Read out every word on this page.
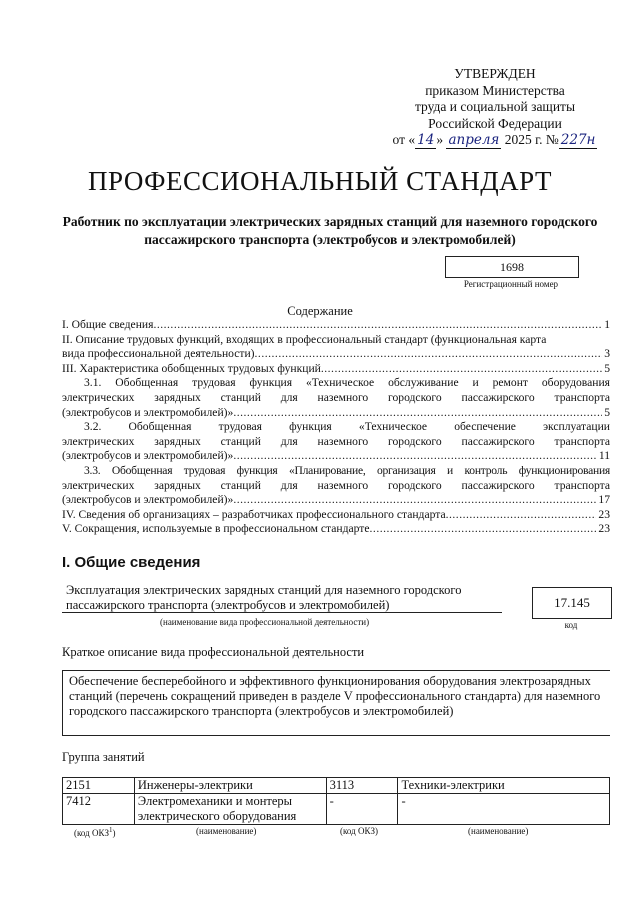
УТВЕРЖДЕН
приказом Министерства
труда и социальной защиты
Российской Федерации
от « 14 » апреля 2025 г. № 227н
ПРОФЕССИОНАЛЬНЫЙ СТАНДАРТ
Работник по эксплуатации электрических зарядных станций для наземного городского пассажирского транспорта (электробусов и электромобилей)
1698
Регистрационный номер
Содержание
I. Общие сведения .....	1
II. Описание трудовых функций, входящих в профессиональный стандарт (функциональная карта
вида профессиональной деятельности) .....	3
III. Характеристика обобщенных трудовых функций .....	5
3.1. Обобщенная трудовая функция «Техническое обслуживание и ремонт оборудования
электрических зарядных станций для наземного городского пассажирского транспорта
(электробусов и электромобилей)» .....	5
3.2. Обобщенная трудовая функция «Техническое обеспечение эксплуатации
электрических зарядных станций для наземного городского пассажирского транспорта
(электробусов и электромобилей)» .....	11
3.3. Обобщенная трудовая функция «Планирование, организация и контроль функционирования
электрических зарядных станций для наземного городского пассажирского транспорта
(электробусов и электромобилей)» .....	17
IV. Сведения об организациях – разработчиках профессионального стандарта .....	23
V. Сокращения, используемые в профессиональном стандарте .....	23
I. Общие сведения
Эксплуатация электрических зарядных станций для наземного городского
пассажирского транспорта (электробусов и электромобилей)
(наименование вида профессиональной деятельности)
17.145
код
Краткое описание вида профессиональной деятельности
Обеспечение бесперебойного и эффективного функционирования оборудования электрозарядных станций (перечень сокращений приведен в разделе V профессионального стандарта) для наземного городского пассажирского транспорта (электробусов и электромобилей)
Группа занятий
2151	Инженеры-электрики	3113	Техники-электрики
7412	Электромеханики и монтеры электрического оборудования	-	-
(код ОКЗ$^1$)	(наименование)	(код ОКЗ)	(наименование)
